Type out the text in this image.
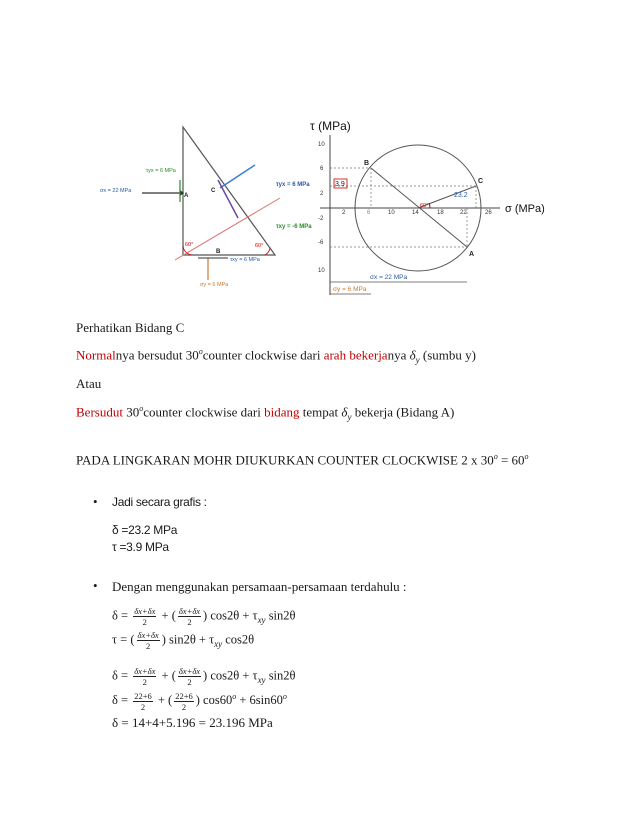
τyx = 6 MPa
σx = 22 MPa
A
C
B
60°	60°
τxy = 6 MPa
σy = 6 MPa
τ (MPa)
σ (MPa)
10
6
2
-2
-6
10
2	6	10	14	18	22	26
B
C
A
3.9
23.2
60°
τyx = 6 MPa
τxy = -6 MPa
σx = 22 MPa
σy = 6 MPa
Perhatikan Bidang C
Normalnya bersudut 30$^o$counter clockwise dari arah bekerjanya $\delta_y$ (sumbu y)
Atau
Bersudut 30$^o$counter clockwise dari bidang tempat $\delta_y$ bekerja (Bidang A)
PADA LINGKARAN MOHR DIUKURKAN COUNTER CLOCKWISE 2 x $30^o = 60^o$
• Jadi secara grafis :
δ =23.2 MPa
τ =3.9 MPa
• Dengan menggunakan persamaan-persamaan terdahulu :
$\delta = \frac{\delta x+\delta x}{2}$ + ( $\frac{\delta x+\delta x}{2}$ ) $\cos 2\theta + \tau_{xy}$ sin2θ
τ = ( $\frac{\delta x+\delta x}{2}$ ) $\sin 2\theta + \tau_{xy}$ cos2θ
$\delta = \frac{\delta x+\delta x}{2}$ + ( $\frac{\delta x+\delta x}{2}$ ) $\cos 2\theta + \tau_{xy}$ sin2θ
$\delta = \frac{22+6}{2}$ + ( $\frac{22+6}{2}$ ) $\cos 60^o + 6\sin 60^o$
δ = 14+4+5.196 = 23.196 MPa
